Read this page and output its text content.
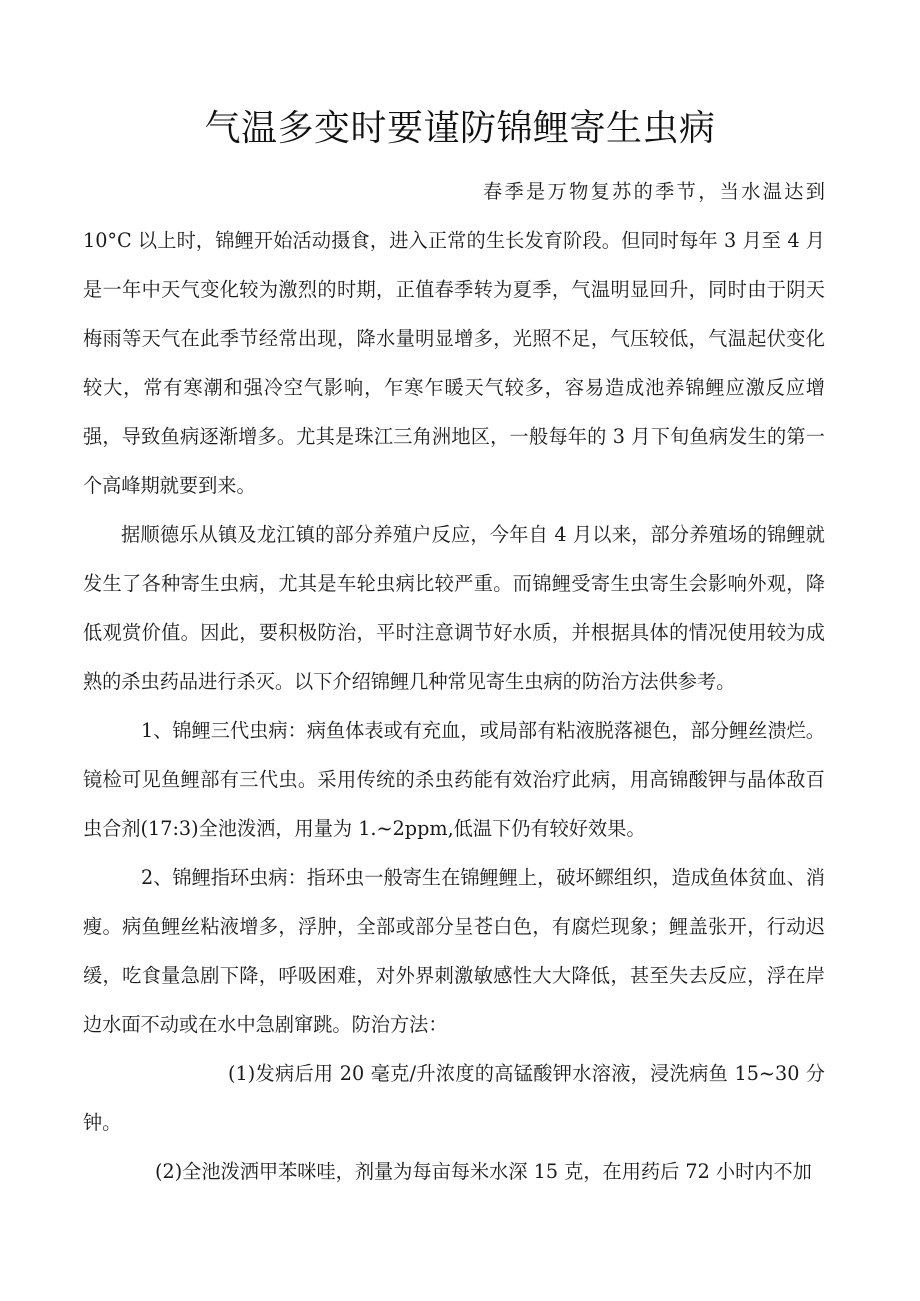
气温多变时要谨防锦鲤寄生虫病

春季是万物复苏的季节，当水温达到10°C 以上时，锦鲤开始活动摄食，进入正常的生长发育阶段。但同时每年 3 月至 4 月是一年中天气变化较为激烈的时期，正值春季转为夏季，气温明显回升，同时由于阴天梅雨等天气在此季节经常出现，降水量明显增多，光照不足，气压较低，气温起伏变化较大，常有寒潮和强冷空气影响，乍寒乍暖天气较多，容易造成池养锦鲤应激反应增强，导致鱼病逐渐增多。尤其是珠江三角洲地区，一般每年的 3 月下旬鱼病发生的第一个高峰期就要到来。

据顺德乐从镇及龙江镇的部分养殖户反应，今年自 4 月以来，部分养殖场的锦鲤就发生了各种寄生虫病，尤其是车轮虫病比较严重。而锦鲤受寄生虫寄生会影响外观，降低观赏价值。因此，要积极防治，平时注意调节好水质，并根据具体的情况使用较为成熟的杀虫药品进行杀灭。以下介绍锦鲤几种常见寄生虫病的防治方法供参考。

1、锦鲤三代虫病：病鱼体表或有充血，或局部有粘液脱落褪色，部分鲤丝溃烂。镜检可见鱼鲤部有三代虫。采用传统的杀虫药能有效治疗此病，用高锦酸钾与晶体敌百虫合剂(17:3)全池泼洒，用量为 1.~2ppm,低温下仍有较好效果。

2、锦鲤指环虫病：指环虫一般寄生在锦鲤鲤上，破坏鳏组织，造成鱼体贫血、消瘦。病鱼鲤丝粘液增多，浮肿，全部或部分呈苍白色，有腐烂现象；鲤盖张开，行动迟缓，吃食量急剧下降，呼吸困难，对外界刺激敏感性大大降低，甚至失去反应，浮在岸边水面不动或在水中急剧窜跳。防治方法：

(1)发病后用 20 毫克/升浓度的高锰酸钾水溶液，浸洗病鱼 15~30 分钟。

(2)全池泼洒甲苯咪哇，剂量为每亩每米水深 15 克，在用药后 72 小时内不加
